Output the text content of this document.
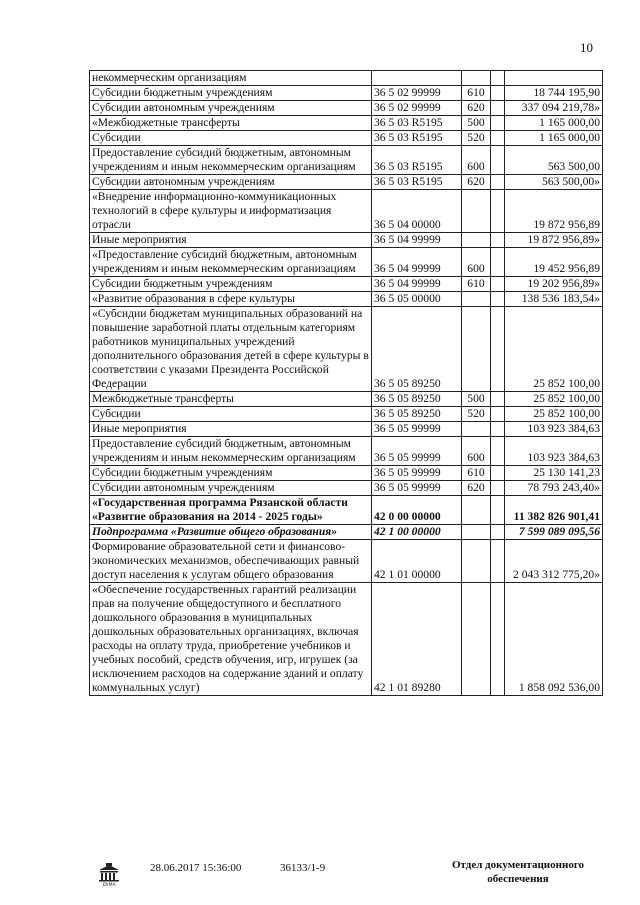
10
некоммерческим организациям				
Субсидии бюджетным учреждениям	36 5 02 99999	610		18 744 195,90
Субсидии автономным учреждениям	36 5 02 99999	620		337 094 219,78»
«Межбюджетные трансферты	36 5 03 R5195	500		1 165 000,00
Субсидии	36 5 03 R5195	520		1 165 000,00
Предоставление субсидий бюджетным, автономным учреждениям и иным некоммерческим организациям	36 5 03 R5195	600		563 500,00
Субсидии автономным учреждениям	36 5 03 R5195	620		563 500,00»
«Внедрение информационно-коммуникационных технологий в сфере культуры и информатизация отрасли	36 5 04 00000			19 872 956,89
Иные мероприятия	36 5 04 99999			19 872 956,89»
«Предоставление субсидий бюджетным, автономным учреждениям и иным некоммерческим организациям	36 5 04 99999	600		19 452 956,89
Субсидии бюджетным учреждениям	36 5 04 99999	610		19 202 956,89»
«Развитие образования в сфере культуры	36 5 05 00000			138 536 183,54»
«Субсидии бюджетам муниципальных образований на повышение заработной платы отдельным категориям работников муниципальных учреждений дополнительного образования детей в сфере культуры в соответствии с указами Президента Российской Федерации	36 5 05 89250			25 852 100,00
Межбюджетные трансферты	36 5 05 89250	500		25 852 100,00
Субсидии	36 5 05 89250	520		25 852 100,00
Иные мероприятия	36 5 05 99999			103 923 384,63
Предоставление субсидий бюджетным, автономным учреждениям и иным некоммерческим организациям	36 5 05 99999	600		103 923 384,63
Субсидии бюджетным учреждениям	36 5 05 99999	610		25 130 141,23
Субсидии автономным учреждениям	36 5 05 99999	620		78 793 243,40»
«Государственная программа Рязанской области «Развитие образования на 2014 - 2025 годы»	42 0 00 00000			11 382 826 901,41
Подпрограмма «Развитие общего образования»	42 1 00 00000			7 599 089 095,56
Формирование образовательной сети и финансово-экономических механизмов, обеспечивающих равный доступ населения к услугам общего образования	42 1 01 00000			2 043 312 775,20»
«Обеспечение государственных гарантий реализации прав на получение общедоступного и бесплатного дошкольного образования в муниципальных дошкольных образовательных организациях, включая расходы на оплату труда, приобретение учебников и учебных пособий, средств обучения, игр, игрушек (за исключением расходов на содержание зданий и оплату коммунальных услуг)	42 1 01 89280			1 858 092 536,00
ДУМА
28.06.2017 15:36:00	36133/1-9	Отдел документационного обеспечения
